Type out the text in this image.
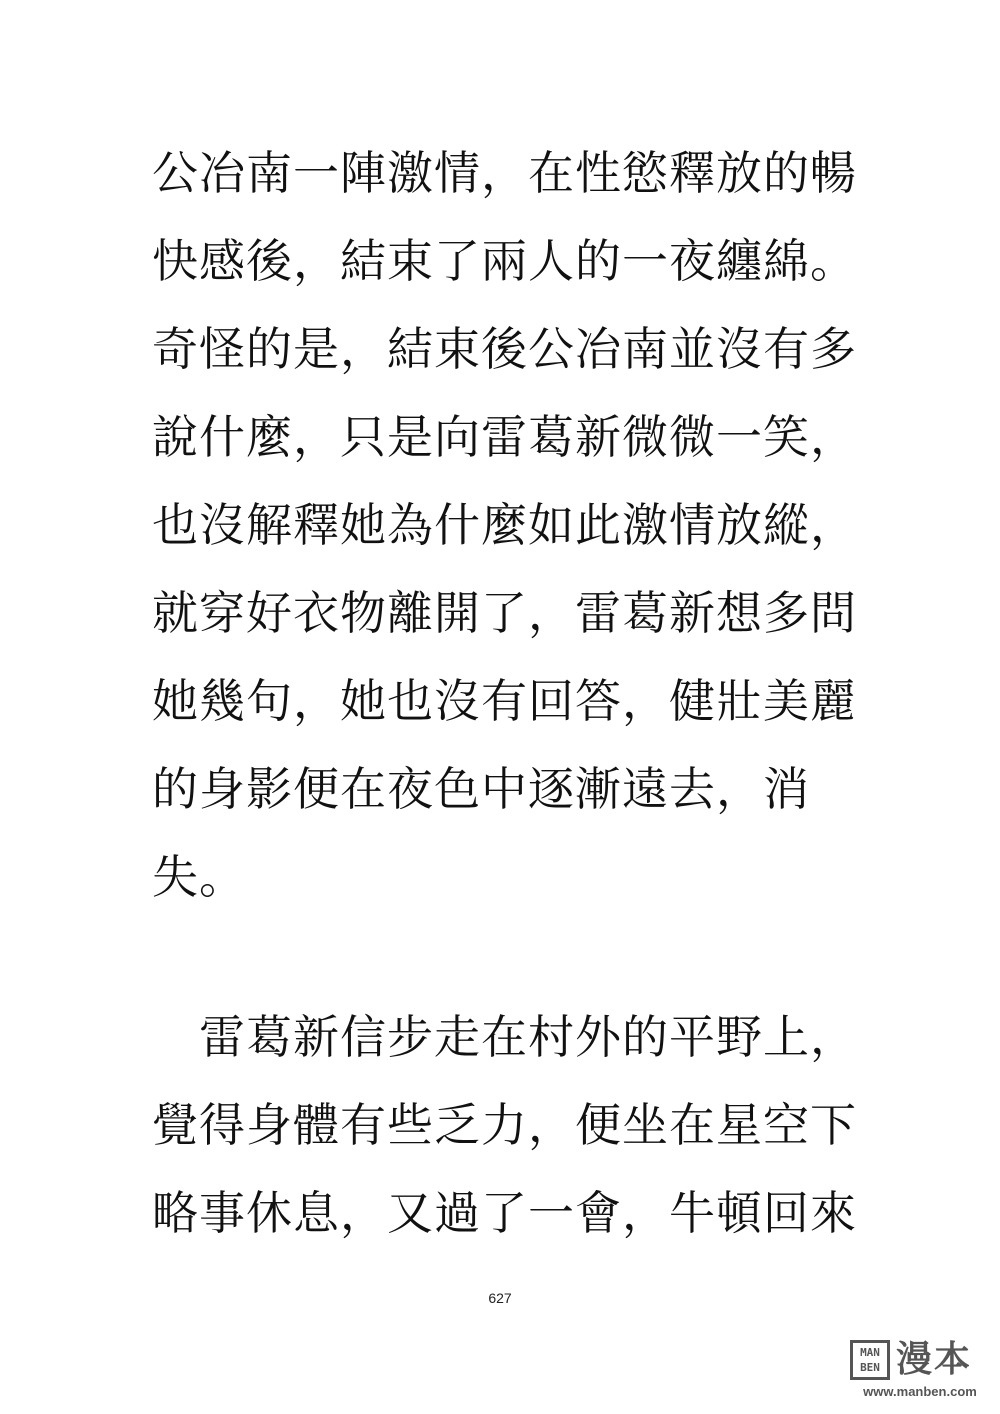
公冶南一陣激情，在性慾釋放的暢
快感後，結束了兩人的一夜纏綿。
奇怪的是，結束後公冶南並沒有多
說什麼，只是向雷葛新微微一笑，
也沒解釋她為什麼如此激情放縱，
就穿好衣物離開了，雷葛新想多問
她幾句，她也沒有回答，健壯美麗
的身影便在夜色中逐漸遠去，消
失。
　雷葛新信步走在村外的平野上，
覺得身體有些乏力，便坐在星空下
略事休息，又過了一會，牛頓回來
627
MAN BEN 漫本
www.manben.com
